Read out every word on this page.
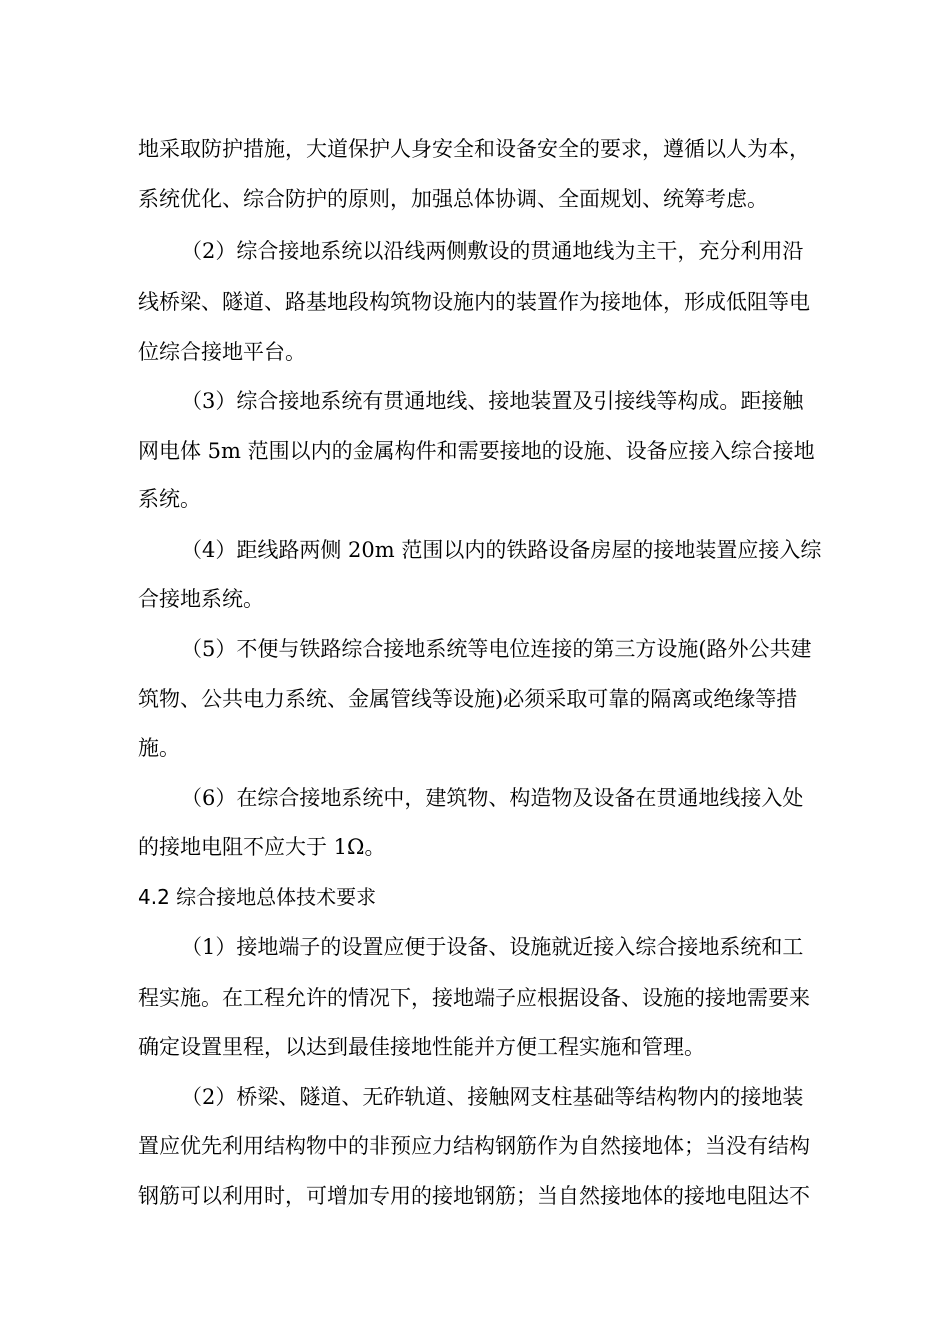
地采取防护措施，大道保护人身安全和设备安全的要求，遵循以人为本，
系统优化、综合防护的原则，加强总体协调、全面规划、统筹考虑。
（2）综合接地系统以沿线两侧敷设的贯通地线为主干，充分利用沿
线桥梁、隧道、路基地段构筑物设施内的装置作为接地体，形成低阻等电
位综合接地平台。
（3）综合接地系统有贯通地线、接地装置及引接线等构成。距接触
网电体 5m 范围以内的金属构件和需要接地的设施、设备应接入综合接地
系统。
（4）距线路两侧 20m 范围以内的铁路设备房屋的接地装置应接入综
合接地系统。
（5）不便与铁路综合接地系统等电位连接的第三方设施(路外公共建
筑物、公共电力系统、金属管线等设施)必须采取可靠的隔离或绝缘等措
施。
（6）在综合接地系统中，建筑物、构造物及设备在贯通地线接入处
的接地电阻不应大于 1Ω。
4.2 综合接地总体技术要求
（1）接地端子的设置应便于设备、设施就近接入综合接地系统和工
程实施。在工程允许的情况下，接地端子应根据设备、设施的接地需要来
确定设置里程，以达到最佳接地性能并方便工程实施和管理。
（2）桥梁、隧道、无砟轨道、接触网支柱基础等结构物内的接地装
置应优先利用结构物中的非预应力结构钢筋作为自然接地体；当没有结构
钢筋可以利用时，可增加专用的接地钢筋；当自然接地体的接地电阻达不
